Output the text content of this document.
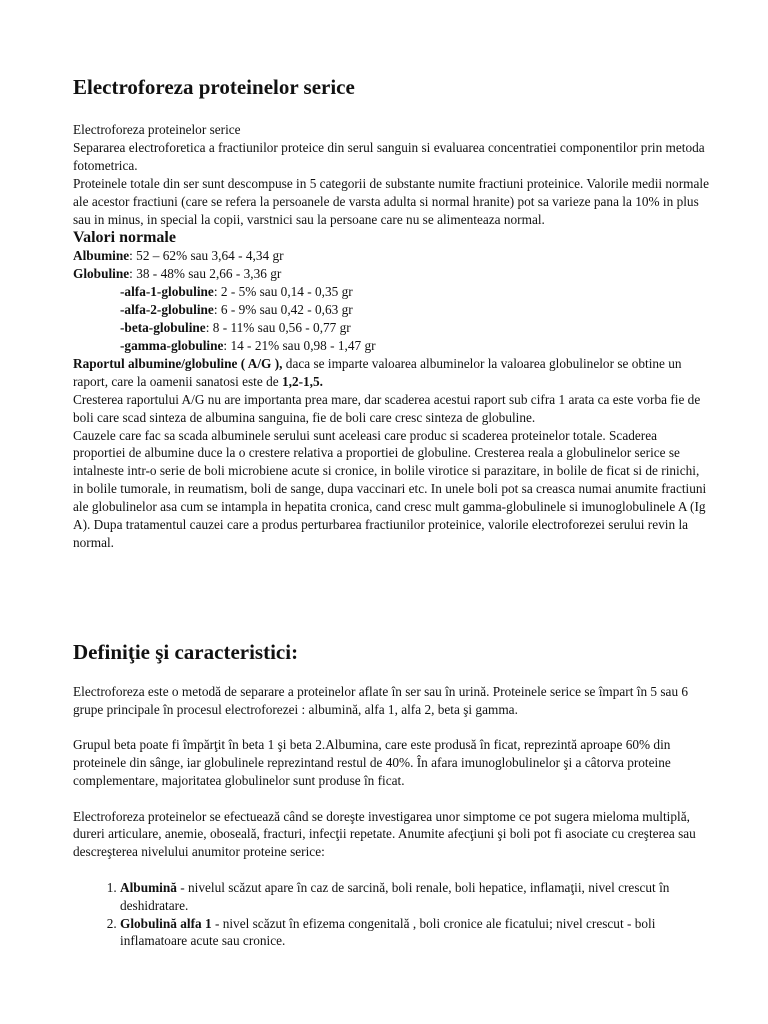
Electroforeza proteinelor serice

Electroforeza proteinelor serice

Separarea electroforetica a fractiunilor proteice din serul sanguin si evaluarea concentratiei componentilor prin metoda fotometrica.

Proteinele totale din ser sunt descompuse in 5 categorii de substante numite fractiuni proteinice. Valorile medii normale ale acestor fractiuni (care se refera la persoanele de varsta adulta si normal hranite) pot sa varieze pana la 10% in plus sau in minus, in special la copii, varstnici sau la persoane care nu se alimenteaza normal.

Valori normale

Albumine: 52 – 62% sau 3,64 - 4,34 gr

Globuline: 38 - 48% sau 2,66 - 3,36 gr

-alfa-1-globuline: 2 - 5% sau 0,14 - 0,35 gr

-alfa-2-globuline: 6 - 9% sau 0,42 - 0,63 gr

-beta-globuline: 8 - 11% sau 0,56 - 0,77 gr

-gamma-globuline: 14 - 21% sau 0,98 - 1,47 gr

Raportul albumine/globuline ( A/G ), daca se imparte valoarea albuminelor la valoarea globulinelor se obtine un raport, care la oamenii sanatosi este de 1,2-1,5.

Cresterea raportului A/G nu are importanta prea mare, dar scaderea acestui raport sub cifra 1 arata ca este vorba fie de boli care scad sinteza de albumina sanguina, fie de boli care cresc sinteza de globuline.

Cauzele care fac sa scada albuminele serului sunt aceleasi care produc si scaderea proteinelor totale. Scaderea proportiei de albumine duce la o crestere relativa a proportiei de globuline. Cresterea reala a globulinelor serice se intalneste intr-o serie de boli microbiene acute si cronice, in bolile virotice si parazitare, in bolile de ficat si de rinichi, in bolile tumorale, in reumatism, boli de sange, dupa vaccinari etc. In unele boli pot sa creasca numai anumite fractiuni ale globulinelor asa cum se intampla in hepatita cronica, cand cresc mult gamma-globulinele si imunoglobulinele A (Ig A). Dupa tratamentul cauzei care a produs perturbarea fractiunilor proteinice, valorile electroforezei serului revin la normal.

Definiţie şi caracteristici:

Electroforeza este o metodă de separare a proteinelor aflate în ser sau în urină. Proteinele serice se împart în 5 sau 6 grupe principale în procesul electroforezei : albumină, alfa 1, alfa 2, beta şi gamma.

Grupul beta poate fi împărţit în beta 1 şi beta 2.Albumina, care este produsă în ficat, reprezintă aproape 60% din proteinele din sânge, iar globulinele reprezintand restul de 40%. În afara imunoglobulinelor şi a câtorva proteine complementare, majoritatea globulinelor sunt produse în ficat.

Electroforeza proteinelor se efectuează când se doreşte investigarea unor simptome ce pot sugera mieloma multiplă, dureri articulare, anemie, oboseală, fracturi, infecţii repetate. Anumite afecţiuni şi boli pot fi asociate cu creşterea sau descreşterea nivelului anumitor proteine serice:

1. Albumină - nivelul scăzut apare în caz de sarcină, boli renale, boli hepatice, inflamaţii, nivel crescut în deshidratare.
2. Globulină alfa 1 - nivel scăzut în efizema congenitală , boli cronice ale ficatului; nivel crescut - boli inflamatoare acute sau cronice.
